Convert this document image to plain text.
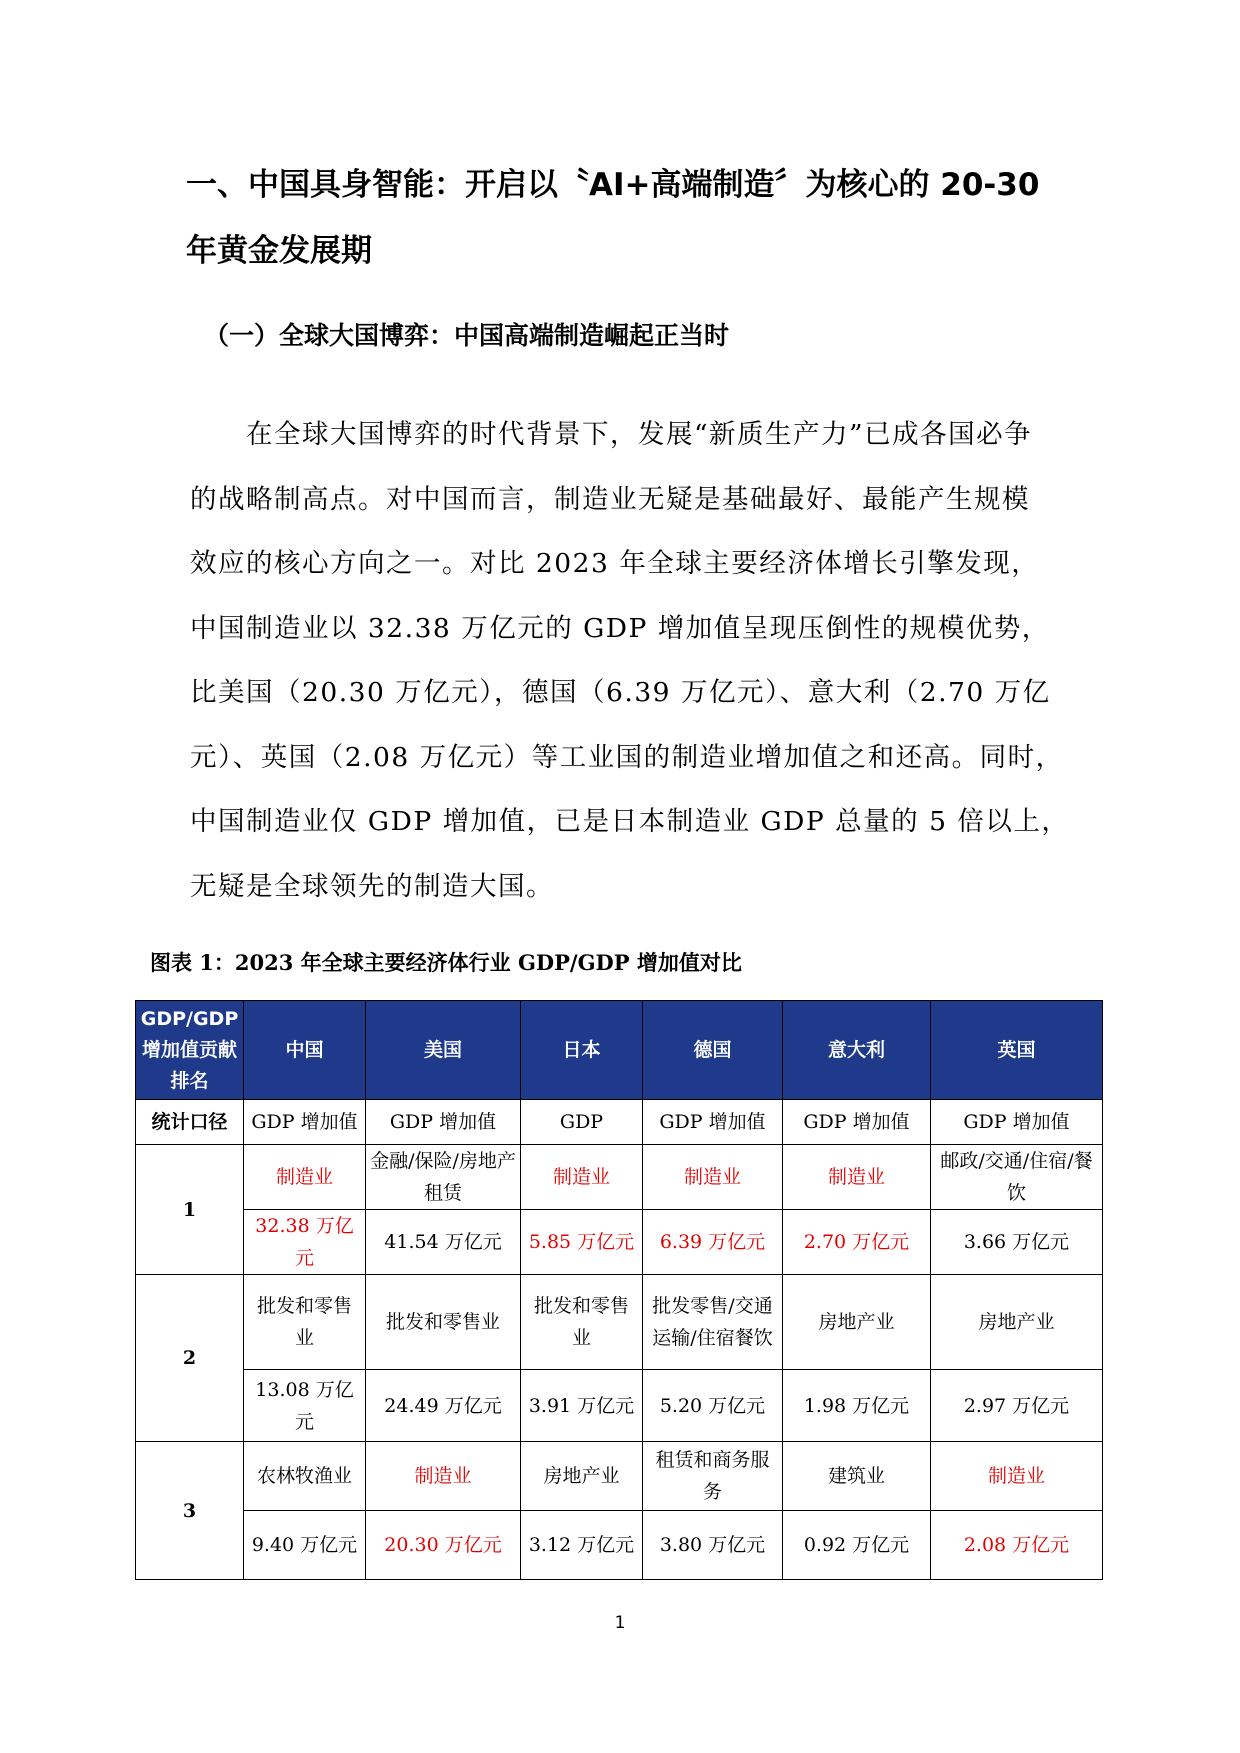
一、中国具身智能：开启以〝AI+高端制造〞为核心的 20-30
年黄金发展期
（一）全球大国博弈：中国高端制造崛起正当时
在全球大国博弈的时代背景下，发展“新质生产力”已成各国必争
的战略制高点。对中国而言，制造业无疑是基础最好、最能产生规模
效应的核心方向之一。对比 2023 年全球主要经济体增长引擎发现，
中国制造业以 32.38 万亿元的 GDP 增加值呈现压倒性的规模优势，
比美国（20.30 万亿元），德国（6.39 万亿元）、意大利（2.70 万亿
元）、英国（2.08 万亿元）等工业国的制造业增加值之和还高。同时，
中国制造业仅 GDP 增加值，已是日本制造业 GDP 总量的 5 倍以上，
无疑是全球领先的制造大国。
图表 1：2023 年全球主要经济体行业 GDP/GDP 增加值对比
GDP/GDP增加值贡献排名	中国	美国	日本	德国	意大利	英国
统计口径	GDP 增加值	GDP 增加值	GDP	GDP 增加值	GDP 增加值	GDP 增加值
1	制造业	金融/保险/房地产租赁	制造业	制造业	制造业	邮政/交通/住宿/餐饮
	32.38 万亿元	41.54 万亿元	5.85 万亿元	6.39 万亿元	2.70 万亿元	3.66 万亿元
2	批发和零售业	批发和零售业	批发和零售业	批发零售/交通运输/住宿餐饮	房地产业	房地产业
	13.08 万亿元	24.49 万亿元	3.91 万亿元	5.20 万亿元	1.98 万亿元	2.97 万亿元
3	农林牧渔业	制造业	房地产业	租赁和商务服务	建筑业	制造业
	9.40 万亿元	20.30 万亿元	3.12 万亿元	3.80 万亿元	0.92 万亿元	2.08 万亿元
1
